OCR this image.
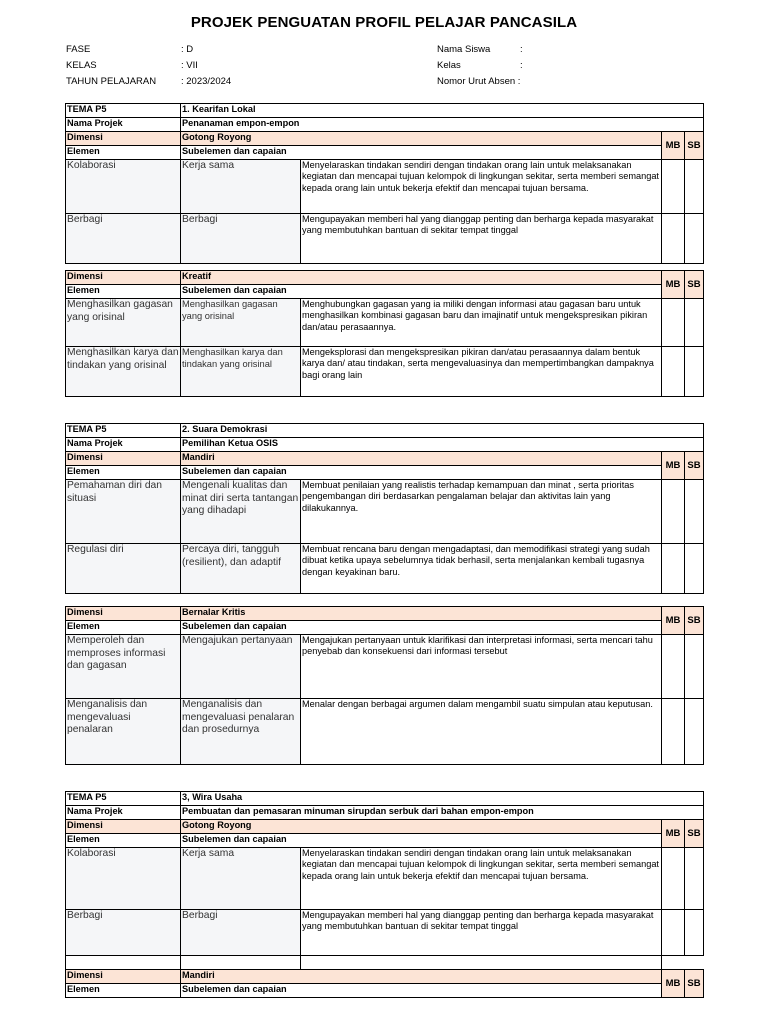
PROJEK PENGUATAN PROFIL PELAJAR PANCASILA
FASE	: D
KELAS	: VII
TAHUN PELAJARAN	: 2023/2024
Nama Siswa	:
Kelas	:
Nomor Urut Absen :
TEMA P5	1. Kearifan Lokal			
Nama Projek	Penanaman empon-empon			
Dimensi	Gotong Royong		MB	SB
Elemen	Subelemen dan capaian			
Kolaborasi	Kerja sama	Menyelaraskan tindakan sendiri dengan tindakan orang lain untuk melaksanakan kegiatan dan mencapai tujuan kelompok di lingkungan sekitar, serta memberi semangat kepada orang lain untuk bekerja efektif dan mencapai tujuan bersama.		
Berbagi	Berbagi	Mengupayakan memberi hal yang dianggap penting dan berharga kepada masyarakat yang membutuhkan bantuan di sekitar tempat tinggal		

Dimensi	Kreatif		MB	SB
Elemen	Subelemen dan capaian			
Menghasilkan gagasan yang orisinal	Menghasilkan gagasan yang orisinal	Menghubungkan gagasan yang ia miliki dengan informasi atau gagasan baru untuk menghasilkan kombinasi gagasan baru dan imajinatif untuk mengekspresikan pikiran dan/atau perasaannya.		
Menghasilkan karya dan tindakan yang orisinal	Menghasilkan karya dan tindakan yang orisinal	Mengeksplorasi dan mengekspresikan pikiran dan/atau perasaannya dalam bentuk karya dan/ atau tindakan, serta mengevaluasinya dan mempertimbangkan dampaknya bagi orang lain		
TEMA P5	2. Suara Demokrasi			
Nama Projek	Pemilihan Ketua OSIS			
Dimensi	Mandiri		MB	SB
Elemen	Subelemen dan capaian			
Pemahaman diri dan situasi	Mengenali kualitas dan minat diri serta tantangan yang dihadapi	Membuat penilaian yang realistis terhadap kemampuan dan minat , serta prioritas pengembangan diri berdasarkan pengalaman belajar dan aktivitas lain yang dilakukannya.		
Regulasi diri	Percaya diri, tangguh (resilient), dan adaptif	Membuat rencana baru dengan mengadaptasi, dan memodifikasi strategi yang sudah dibuat ketika upaya sebelumnya tidak berhasil, serta menjalankan kembali tugasnya dengan keyakinan baru.		

Dimensi	Bernalar Kritis		MB	SB
Elemen	Subelemen dan capaian			
Memperoleh dan memproses informasi dan gagasan	Mengajukan pertanyaan	Mengajukan pertanyaan untuk klarifikasi dan interpretasi informasi, serta mencari tahu penyebab dan konsekuensi dari informasi tersebut		
Menganalisis dan mengevaluasi penalaran	Menganalisis dan mengevaluasi penalaran dan prosedurnya	Menalar dengan berbagai argumen dalam mengambil suatu simpulan atau keputusan.		
TEMA P5	3, Wira Usaha			
Nama Projek	Pembuatan dan pemasaran minuman sirupdan serbuk dari bahan empon-empon			
Dimensi	Gotong Royong		MB	SB
Elemen	Subelemen dan capaian			
Kolaborasi	Kerja sama	Menyelaraskan tindakan sendiri dengan tindakan orang lain untuk melaksanakan kegiatan dan mencapai tujuan kelompok di lingkungan sekitar, serta memberi semangat kepada orang lain untuk bekerja efektif dan mencapai tujuan bersama.		
Berbagi	Berbagi	Mengupayakan memberi hal yang dianggap penting dan berharga kepada masyarakat yang membutuhkan bantuan di sekitar tempat tinggal		

Dimensi	Mandiri		MB	SB
Elemen	Subelemen dan capaian			
